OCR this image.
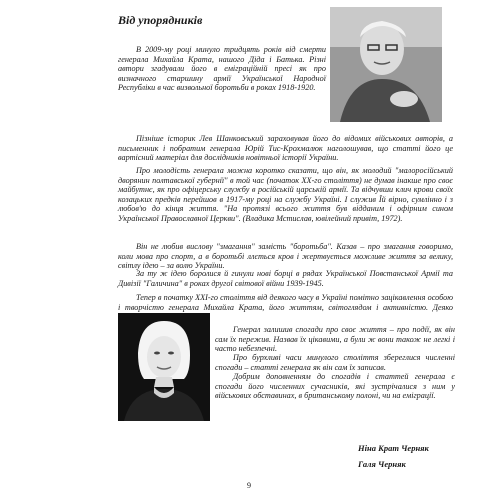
Від упорядників
В 2009-му році минуло тридцять років від смерти генерала Михайла Крата, нашого Діда і Батька. Різні автори згадували його в еміграційній пресі як про визначного старшину армії Української Народної Республіки в час визвольної боротьби в роках 1918-1920.
Пізніше історик Лев Шанковський зараховував його до відомих військових авторів, а письменник і побратим генерала Юрій Тис-Крохмалюк наголошував, що статті його це вартісний матеріал для дослідників новітньої історії України.
Про молодість генерала можна коротко сказати, що він, як молодий "малоросійський дворянин полтавської губернії" в той час (початок ХХ-го століття) не думав інакше про своє майбутнє, як про офіцерську службу в російській царській армії. Та відчувши клич крови своїх козацьких предків перейшов в 1917-му році на службу Україні. І служив Їй вірно, сумлінно і з любов'ю до кінця життя. "На протязі всього життя був відданим і офірним сином Української Православної Церкви". (Владика Мстислав, ювілейний привіт, 1972).
Він не любив вислову "змагання" замість "боротьба". Казав – про змагання говоримо, коли мова про спорт, а в боротьбі ллється кров і жертвується можливе життя за велику, світлу ідею – за волю України.
За ту ж ідею боролися й гинули нові борці в рядах Української Повстанської Армії та Дивізії "Галичина" в роках другої світової війни 1939-1945.
Тепер в початку ХХІ-го століття від деякого часу в Україні помітно зацікавлення особою і творчістю генерала Михайла Крата, його життям, світоглядом і активністю. Деяко
Генерал залишив спогади про своє життя – про події, як він сам їх пережив. Назвав їх цікавими, а були ж вони також не легкі і часто небезпечні.
Про бурхливі часи минулого століття збереглися численні спогади – статті генерала як він сам їх записав.
Добрим доповненням до спогадів і статтей генерала є спогади його численних сучасників, які зустрічалися з ним у військових обставинах, в британському полоні, чи на еміграції.
Ніна Крат Черняк
Галя Черняк
9
